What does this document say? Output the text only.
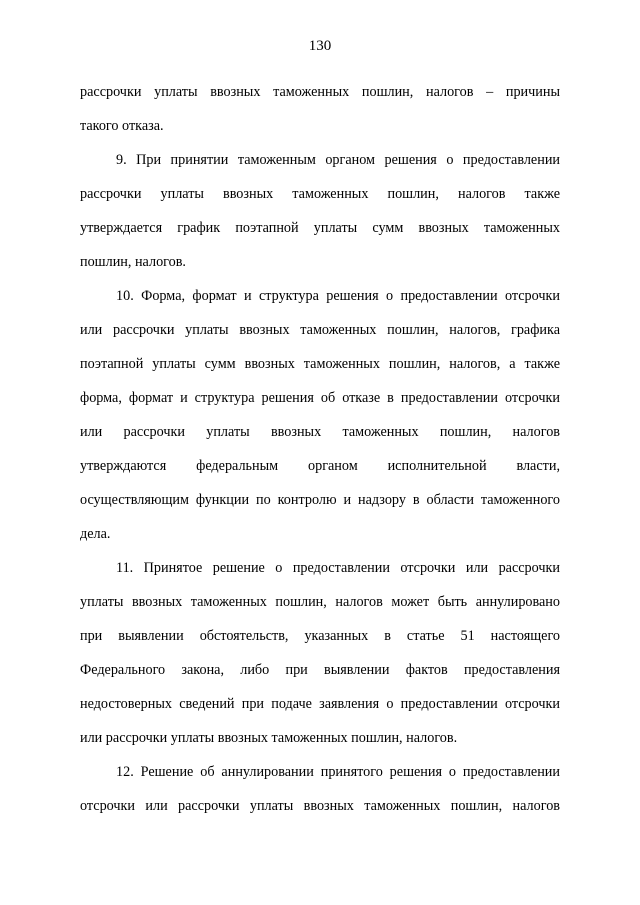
130
рассрочки уплаты ввозных таможенных пошлин, налогов – причины
такого отказа.
9. При принятии таможенным органом решения о предоставлении
рассрочки уплаты ввозных таможенных пошлин, налогов также
утверждается график поэтапной уплаты сумм ввозных таможенных
пошлин, налогов.
10. Форма, формат и структура решения о предоставлении отсрочки
или рассрочки уплаты ввозных таможенных пошлин, налогов, графика
поэтапной уплаты сумм ввозных таможенных пошлин, налогов, а также
форма, формат и структура решения об отказе в предоставлении отсрочки
или рассрочки уплаты ввозных таможенных пошлин, налогов
утверждаются федеральным органом исполнительной власти,
осуществляющим функции по контролю и надзору в области таможенного
дела.
11. Принятое решение о предоставлении отсрочки или рассрочки
уплаты ввозных таможенных пошлин, налогов может быть аннулировано
при выявлении обстоятельств, указанных в статье 51 настоящего
Федерального закона, либо при выявлении фактов предоставления
недостоверных сведений при подаче заявления о предоставлении отсрочки
или рассрочки уплаты ввозных таможенных пошлин, налогов.
12. Решение об аннулировании принятого решения о предоставлении
отсрочки или рассрочки уплаты ввозных таможенных пошлин, налогов
